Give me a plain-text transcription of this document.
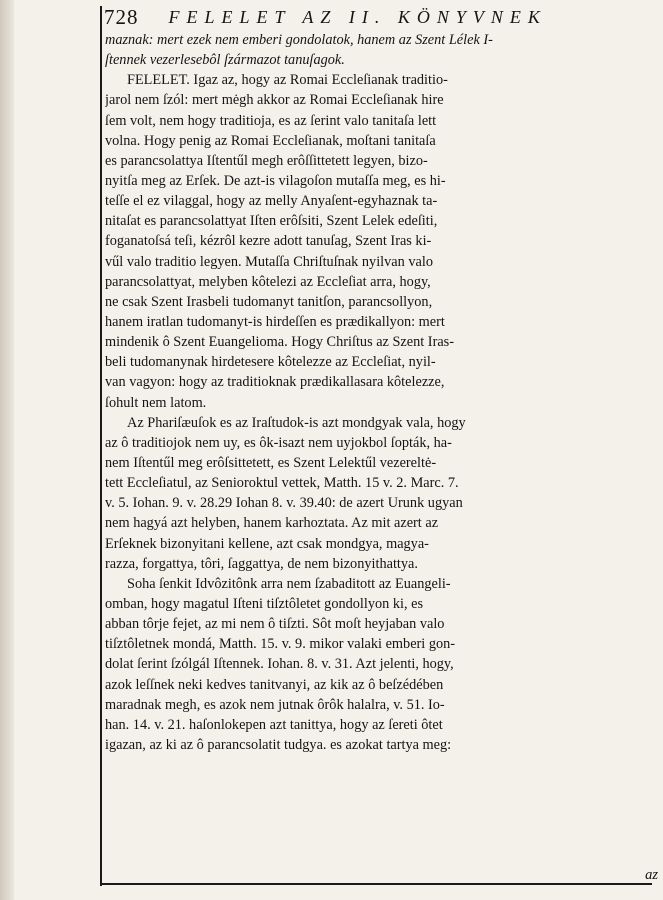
728 FELELET AZ II. KÖNYVNEK
maznak: mert ezek nem emberi gondolatok, hanem az Szent Lélek I-
ſtennek vezerlesebôl ſzármazot tanuſagok.
FELELET. Igaz az, hogy az Romai Eccleſianak traditio-
jarol nem ſzól: mert mėgh akkor az Romai Eccleſianak hire
ſem volt, nem hogy traditioja, es az ſerint valo tanitaſa lett
volna. Hogy penig az Romai Eccleſianak, moſtani tanitaſa
es parancsolattya Iſtentűl megh erôſſittetett legyen, bizo-
nyitſa meg az Erſek. De azt-is vilagoſon mutaſſa meg, es hi-
teſſe el ez vilaggal, hogy az melly Anyaſent-egyhaznak ta-
nitaſat es parancsolattyat Iſten erôſsiti, Szent Lelek edeſiti,
foganatoſsá teſi, kézrôl kezre adott tanuſag, Szent Iras ki-
vűl valo traditio legyen. Mutaſſa Chriſtuſnak nyilvan valo
parancsolattyat, melyben kôtelezi az Eccleſiat arra, hogy,
ne csak Szent Irasbeli tudomanyt tanitſon, parancsollyon,
hanem iratlan tudomanyt-is hirdeſſen es prædikallyon: mert
mindenik ô Szent Euangelioma. Hogy Chriſtus az Szent Iras-
beli tudomanynak hirdetesere kôtelezze az Eccleſiat, nyil-
van vagyon: hogy az traditioknak prædikallasara kôtelezze,
ſohult nem latom.
Az Phariſæuſok es az Iraſtudok-is azt mondgyak vala, hogy
az ô traditiojok nem uy, es ôk-isazt nem uyjokbol ſopták, ha-
nem Iſtentűl meg erôſsittetett, es Szent Lelektűl vezereltė-
tett Eccleſiatul, az Senioroktul vettek, Matth. 15 v. 2. Marc. 7.
v. 5. Iohan. 9. v. 28.29 Iohan 8. v. 39.40: de azert Urunk ugyan
nem hagyá azt helyben, hanem karhoztata. Az mit azert az
Erſeknek bizonyitani kellene, azt csak mondgya, magya-
razza, forgattya, tôri, ſaggattya, de nem bizonyithattya.
Soha ſenkit Idvôzitônk arra nem ſzabaditott az Euangeli-
omban, hogy magatul Iſteni tiſztôletet gondollyon ki, es
abban tôrje fejet, az mi nem ô tiſzti. Sôt moſt heyjaban valo
tiſztôletnek mondá, Matth. 15. v. 9. mikor valaki emberi gon-
dolat ſerint ſzólgál Iſtennek. Iohan. 8. v. 31. Azt jelenti, hogy,
azok leſſnek neki kedves tanitvanyi, az kik az ô beſzédében
maradnak megh, es azok nem jutnak ôrôk halalra, v. 51. Io-
han. 14. v. 21. haſonlokepen azt tanittya, hogy az ſereti ôtet
igazan, az ki az ô parancsolatit tudgya. es azokat tartya meg:
az
